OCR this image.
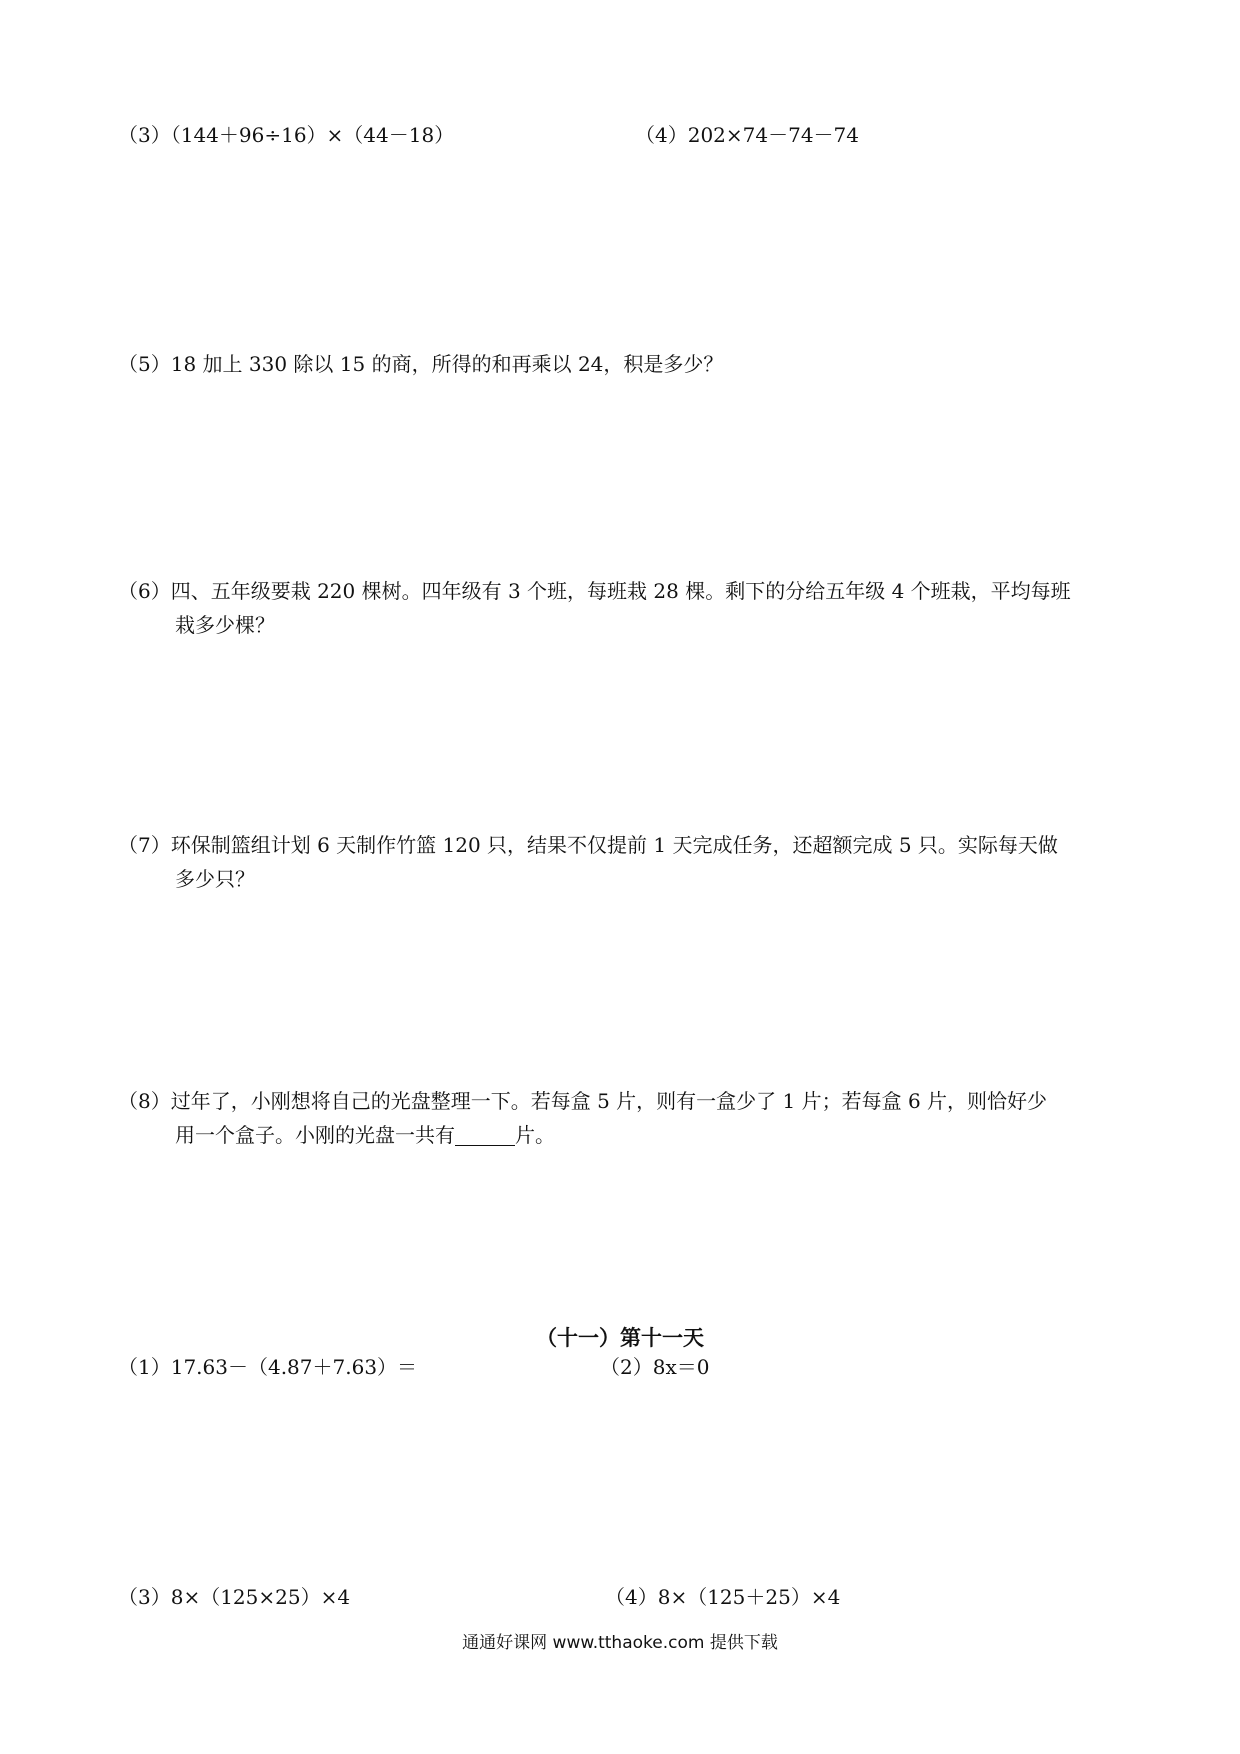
（3）（144＋96÷16）×（44－18）	（4）202×74－74－74
（5）18 加上 330 除以 15 的商，所得的和再乘以 24，积是多少？
（6）四、五年级要栽 220 棵树。四年级有 3 个班，每班栽 28 棵。剩下的分给五年级 4 个班栽，平均每班
栽多少棵？
（7）环保制篮组计划 6 天制作竹篮 120 只，结果不仅提前 1 天完成任务，还超额完成 5 只。实际每天做
多少只？
（8）过年了，小刚想将自己的光盘整理一下。若每盒 5 片，则有一盒少了 1 片；若每盒 6 片，则恰好少
用一个盒子。小刚的光盘一共有	片。
（十一）第十一天
（1）17.63－（4.87＋7.63）＝	（2）8x＝0
（3）8×（125×25）×4	（4）8×（125＋25）×4
通通好课网 www.tthaoke.com 提供下载
